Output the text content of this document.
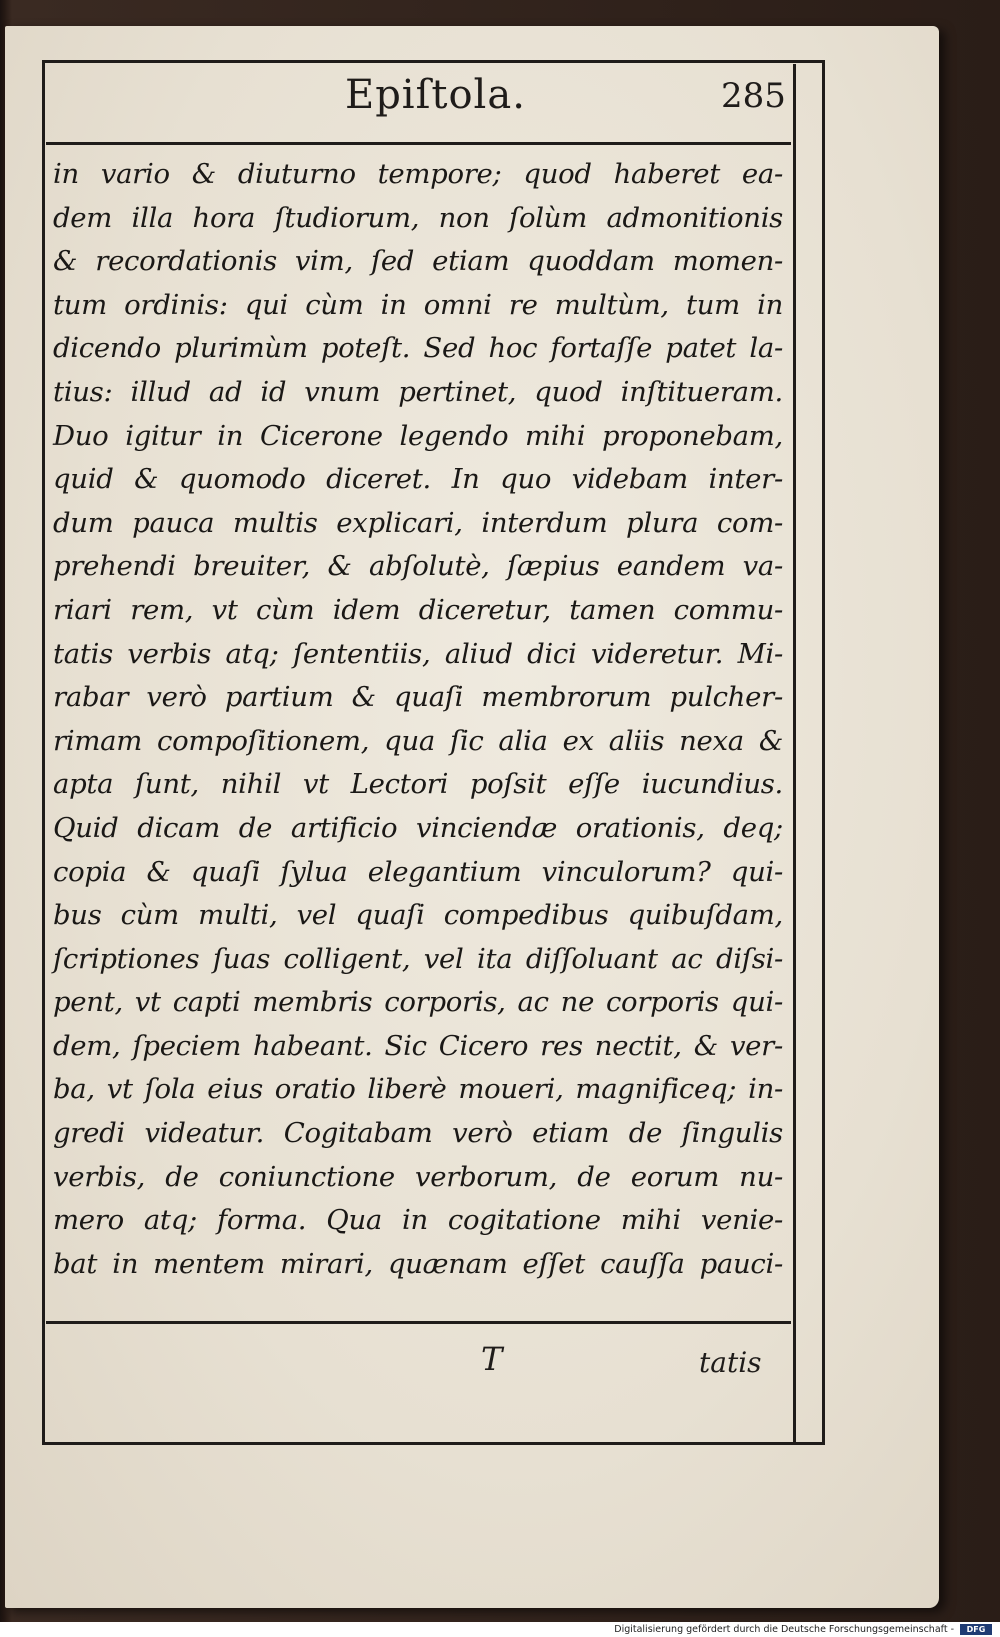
Epiſtola.	285
in vario & diuturno tempore; quod haberet ea-
dem illa hora ſtudiorum, non ſolùm admonitionis
& recordationis vim, ſed etiam quoddam momen-
tum ordinis: qui cùm in omni re multùm, tum in
dicendo plurimùm poteſt. Sed hoc fortaſſe patet la-
tius: illud ad id vnum pertinet, quod inſtitueram.
Duo igitur in Cicerone legendo mihi proponebam,
quid & quomodo diceret. In quo videbam inter-
dum pauca multis explicari, interdum plura com-
prehendi breuiter, & abſolutè, ſæpius eandem va-
riari rem, vt cùm idem diceretur, tamen commu-
tatis verbis atq; ſententiis, aliud dici videretur. Mi-
rabar verò partium & quaſi membrorum pulcher-
rimam compoſitionem, qua ſic alia ex aliis nexa &
apta ſunt, nihil vt Lectori poſsit eſſe iucundius.
Quid dicam de artificio vinciendæ orationis, deq;
copia & quaſi ſylua elegantium vinculorum? qui-
bus cùm multi, vel quaſi compedibus quibuſdam,
ſcriptiones ſuas colligent, vel ita diſſoluant ac diſsi-
pent, vt capti membris corporis, ac ne corporis qui-
dem, ſpeciem habeant. Sic Cicero res nectit, & ver-
ba, vt ſola eius oratio liberè moueri, magnificeq; in-
gredi videatur. Cogitabam verò etiam de ſingulis
verbis, de coniunctione verborum, de eorum nu-
mero atq; forma. Qua in cogitatione mihi venie-
bat in mentem mirari, quænam eſſet cauſſa pauci-
T	tatis
Digitalisierung gefördert durch die Deutsche Forschungsgemeinschaft -	DFG
